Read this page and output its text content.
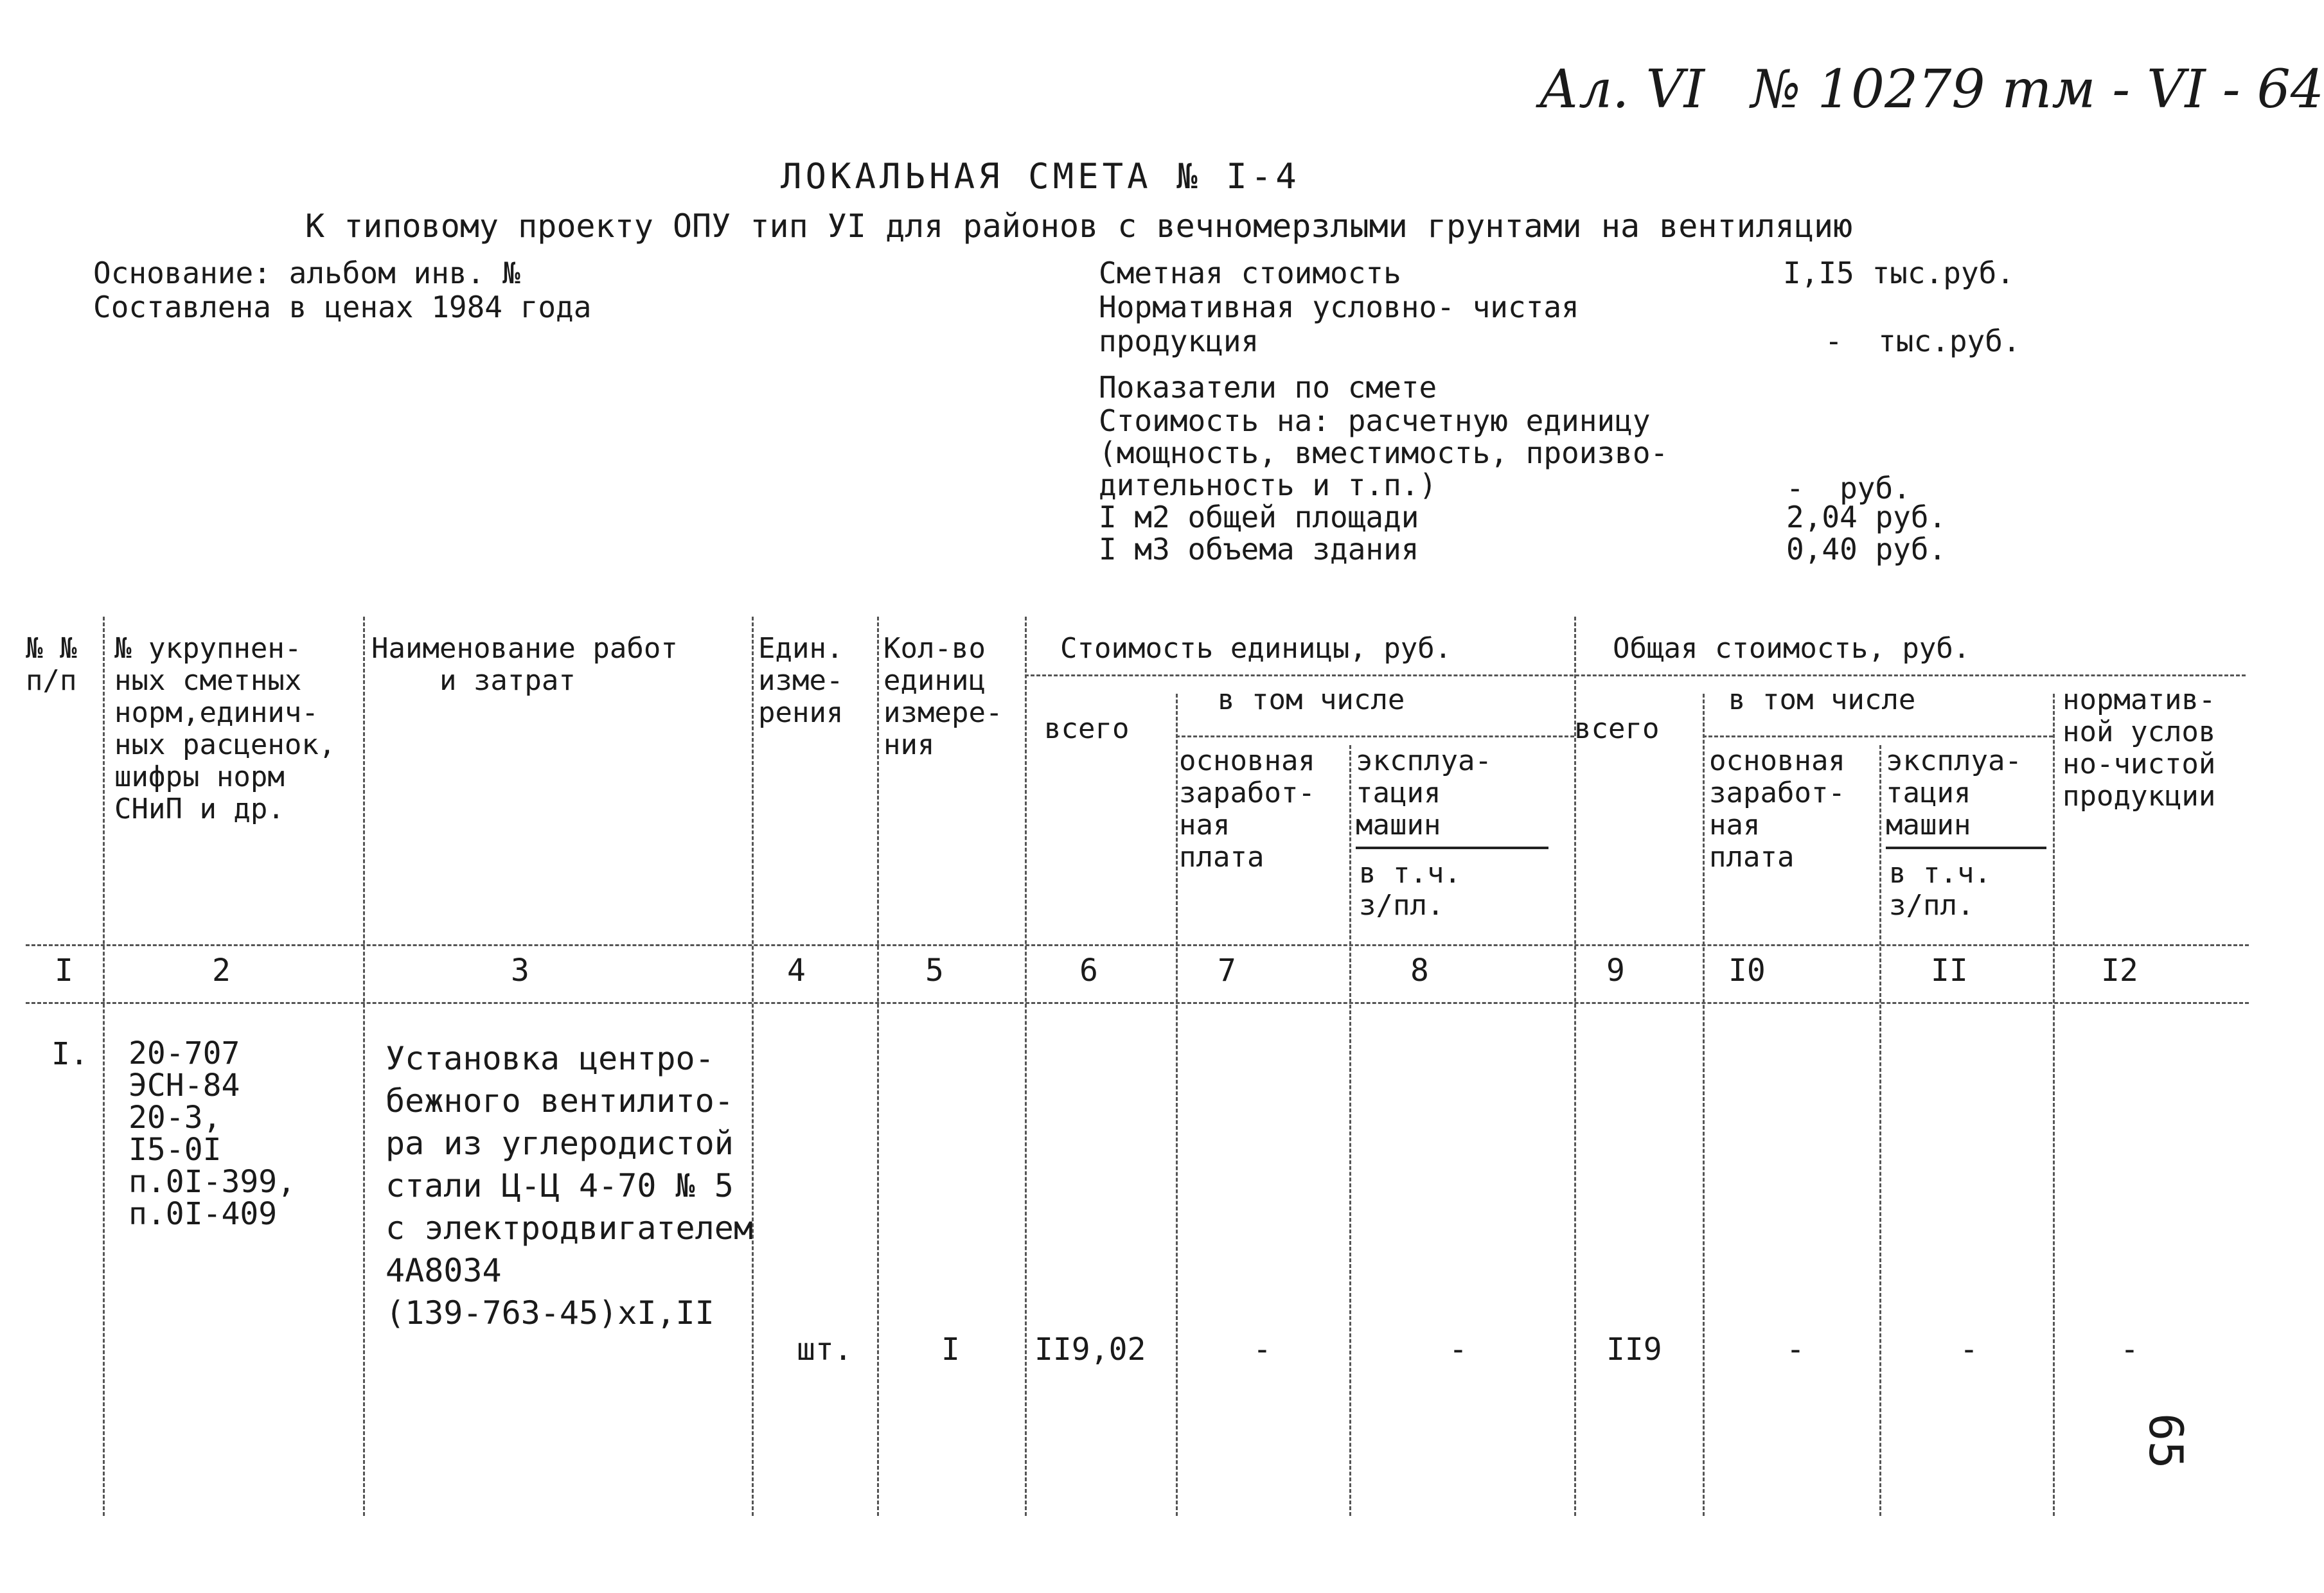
Ал. VI № 10279 тм - VI - 64
ЛОКАЛЬНАЯ СМЕТА № I-4
К типовому проекту ОПУ тип УI для районов с вечномерзлыми грунтами на вентиляцию
Основание: альбом инв. №
Составлена в ценах 1984 года
Сметная стоимость	I,I5 тыс.руб.
Нормативная условно- чистая
продукция	-  тыс.руб.
Показатели по смете
Стоимость на: расчетную единицу
(мощность, вместимость, произво-
дительность и т.п.)	-  руб.
I м2 общей площади	2,04 руб.
I м3 объема здания	0,40 руб.
№ №
п/п
№ укрупнен-
ных сметных
норм,единич-
ных расценок,
шифры норм
СНиП и др.
Наименование работ
и затрат
Един.
изме-
рения
Кол-во
единиц
измере-
ния
Стоимость единицы, руб.	Общая стоимость, руб.
в том числе	в том числе
всего	всего
основная
заработ-
ная
плата
эксплуа-
тация
машин
в т.ч.
з/пл.
основная
заработ-
ная
плата
эксплуа-
тация
машин
в т.ч.
з/пл.
норматив-
ной услов
но-чистой
продукции
I	2	3	4	5	6	7	8	9	I0	II	I2
I. 20-707
ЭСН-84
20-3,
I5-0I
п.0I-399,
п.0I-409
Установка центро-
бежного вентилито-
ра из углеродистой
стали Ц-Ц 4-70 № 5
с электродвигателем
4А8034
(139-763-45)хI,II
шт.	I II9,02	-	-	II9	-	-	-
65
